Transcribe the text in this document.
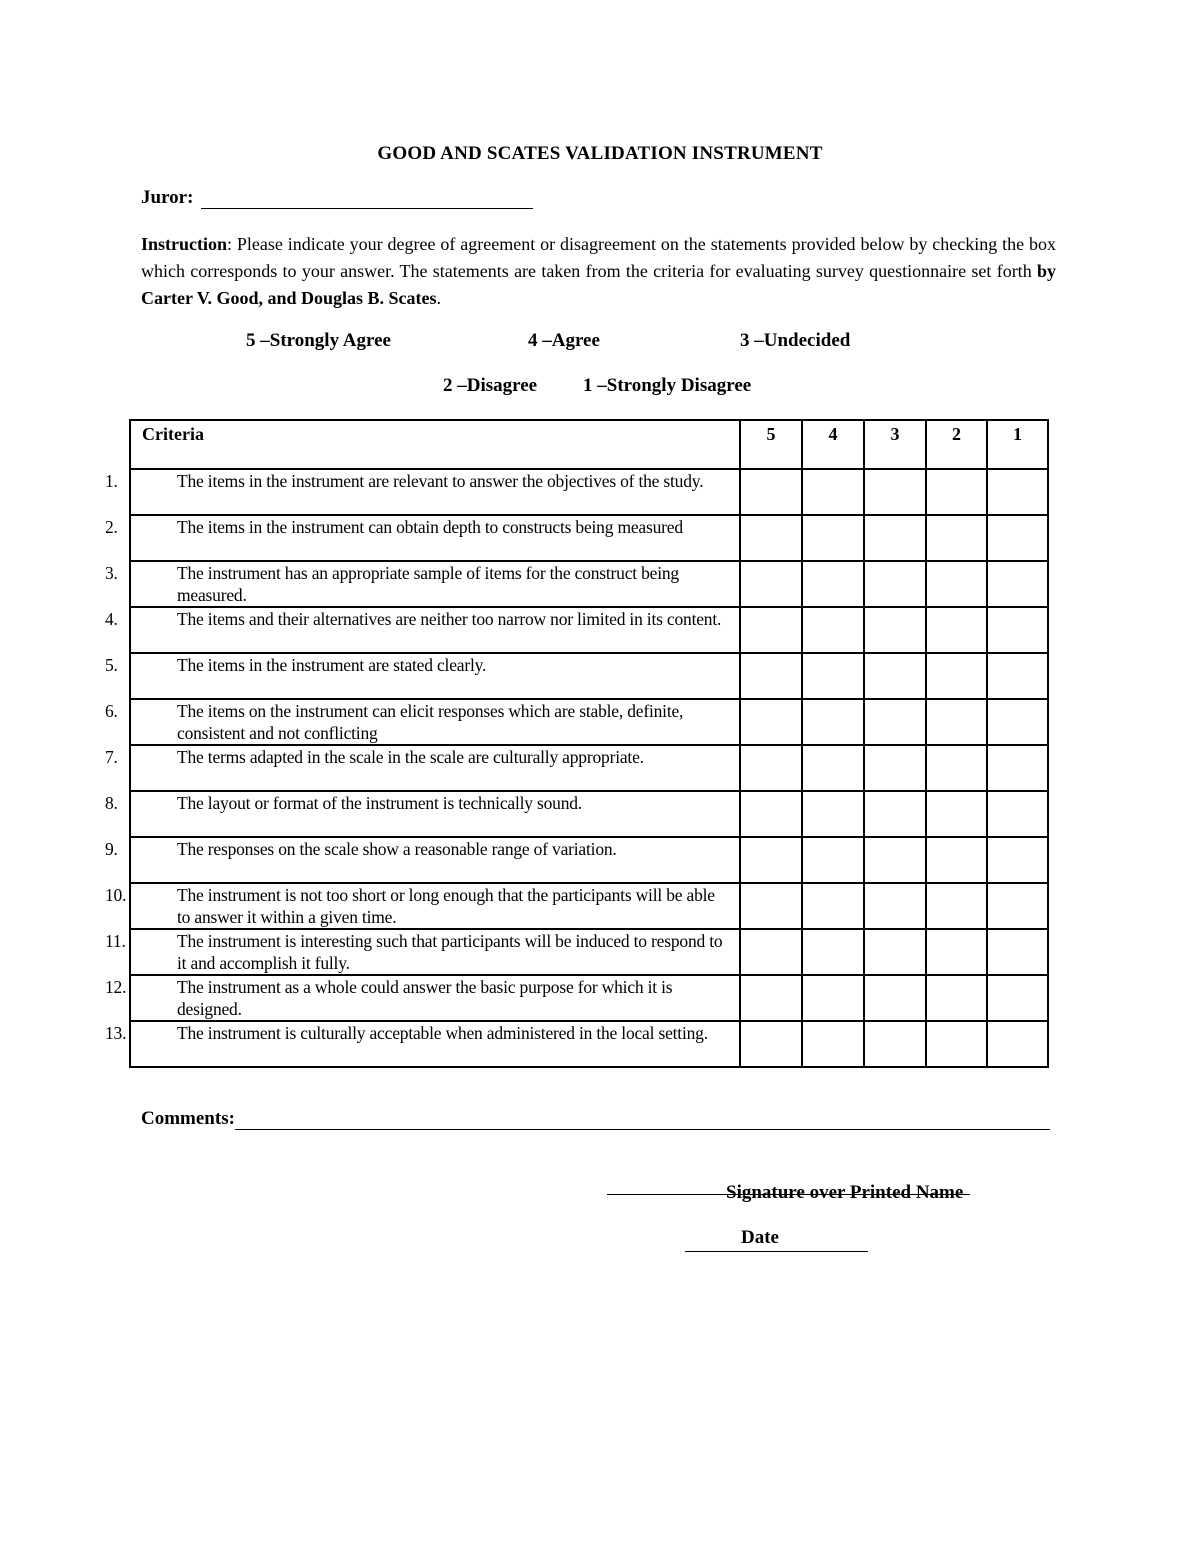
GOOD AND SCATES VALIDATION INSTRUMENT
Juror:
Instruction: Please indicate your degree of agreement or disagreement on the statements provided below by checking the box which corresponds to your answer. The statements are taken from the criteria for evaluating survey questionnaire set forth by Carter V. Good, and Douglas B. Scates.
5 –Strongly Agree	4 –Agree	3 –Undecided
2 –Disagree 1 –Strongly Disagree
Criteria	5	4	3	2	1

1. The items in the instrument are relevant to answer the objectives of the study.					

2. The items in the instrument can obtain depth to constructs being measured					

3. The instrument has an appropriate sample of items for the construct being measured.					

4. The items and their alternatives are neither too narrow nor limited in its content.					

5. The items in the instrument are stated clearly.					

6. The items on the instrument can elicit responses which are stable, definite, consistent and not conflicting					

7. The terms adapted in the scale in the scale are culturally appropriate.					

8. The layout or format of the instrument is technically sound.					

9. The responses on the scale show a reasonable range of variation.					

10. The instrument is not too short or long enough that the participants will be able to answer it within a given time.					

11. The instrument is interesting such that participants will be induced to respond to it and accomplish it fully.					

12. The instrument as a whole could answer the basic purpose for which it is designed.					

13. The instrument is culturally acceptable when administered in the local setting.					

Comments:
Signature over Printed Name
Date
